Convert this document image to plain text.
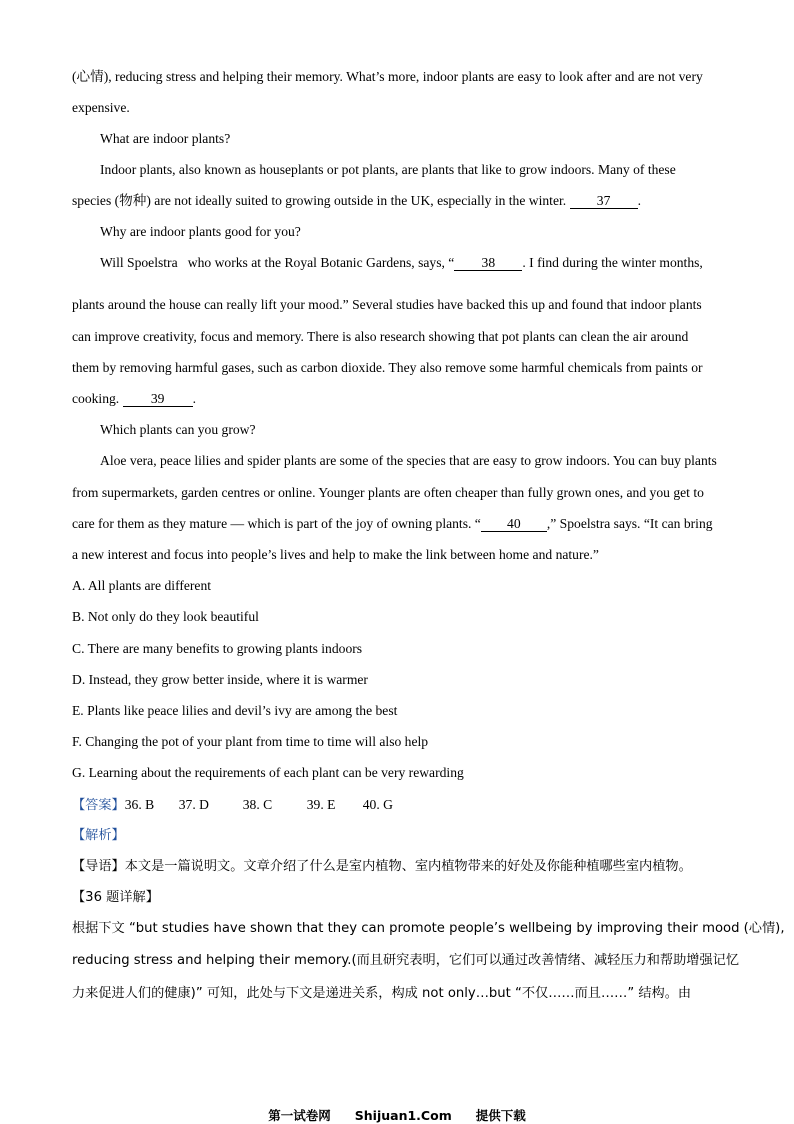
(心情), reducing stress and helping their memory. What’s more, indoor plants are easy to look after and are not very
expensive.
What are indoor plants?
Indoor plants, also known as houseplants or pot plants, are plants that like to grow indoors. Many of these
species (物种) are not ideally suited to growing outside in the UK, especially in the winter. 37 .
Why are indoor plants good for you?
Will Spoelstra   who works at the Royal Botanic Gardens, says, “ 38 . I find during the winter months,
plants around the house can really lift your mood.” Several studies have backed this up and found that indoor plants
can improve creativity, focus and memory. There is also research showing that pot plants can clean the air around
them by removing harmful gases, such as carbon dioxide. They also remove some harmful chemicals from paints or
cooking. 39 .
Which plants can you grow?
Aloe vera, peace lilies and spider plants are some of the species that are easy to grow indoors. You can buy plants
from supermarkets, garden centres or online. Younger plants are often cheaper than fully grown ones, and you get to
care for them as they mature — which is part of the joy of owning plants. “ 40 ,” Spoelstra says. “It can bring
a new interest and focus into people’s lives and help to make the link between home and nature.”
A. All plants are different
B. Not only do they look beautiful
C. There are many benefits to growing plants indoors
D. Instead, they grow better inside, where it is warmer
E. Plants like peace lilies and devil’s ivy are among the best
F. Changing the pot of your plant from time to time will also help
G. Learning about the requirements of each plant can be very rewarding
【答案】36. B 37. D 38. C	39. E 40. G
【解析】
【导语】本文是一篇说明文。文章介绍了什么是室内植物、室内植物带来的好处及你能种植哪些室内植物。
【36 题详解】
根据下文 “but studies have shown that they can promote people’s wellbeing by improving their mood (心情),
reducing stress and helping their memory.(而且研究表明，它们可以通过改善情绪、减轻压力和帮助增强记忆
力来促进人们的健康)” 可知，此处与下文是递进关系，构成 not only…but “不仅……而且……” 结构。由
第一试卷网 Shijuan1.Com 提供下载
